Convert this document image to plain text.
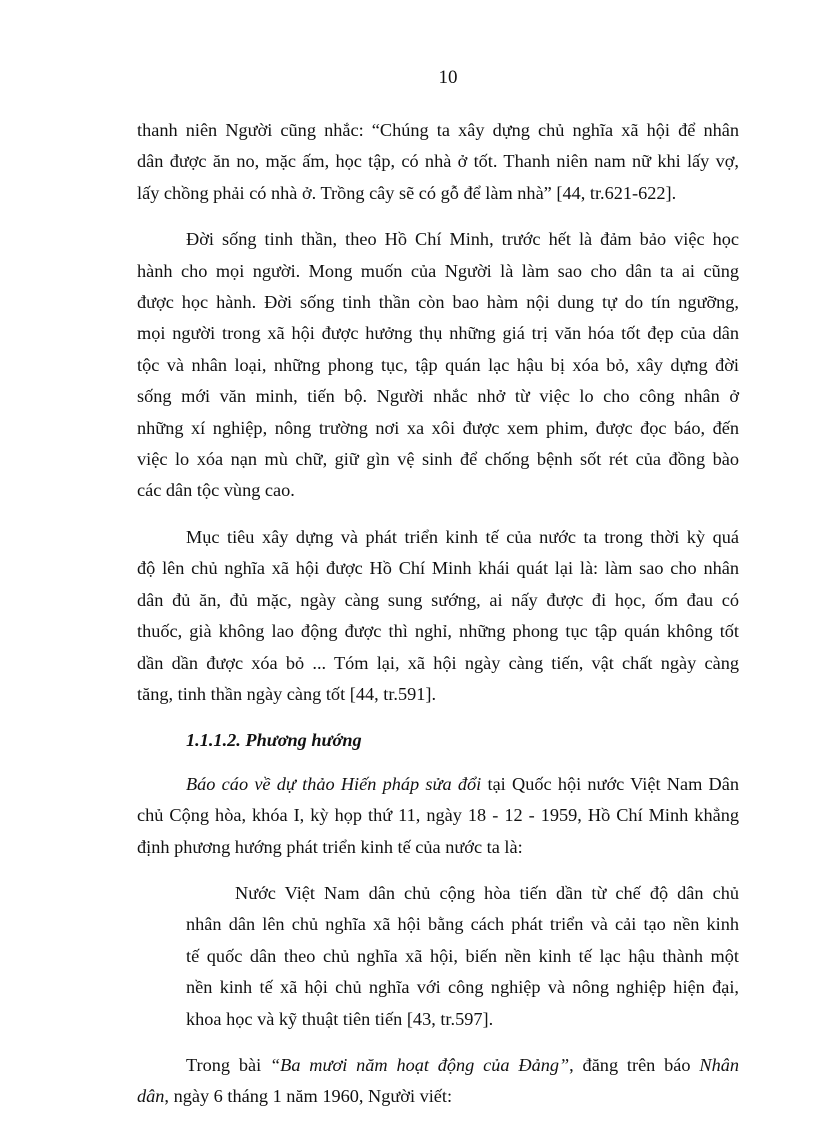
10

thanh niên Người cũng nhắc: “Chúng ta xây dựng chủ nghĩa xã hội để nhân
dân được ăn no, mặc ấm, học tập, có nhà ở tốt. Thanh niên nam nữ khi lấy vợ,
lấy chồng phải có nhà ở. Trồng cây sẽ có gỗ để làm nhà” [44, tr.621-622].

Đời sống tinh thần, theo Hồ Chí Minh, trước hết là đảm bảo việc học
hành cho mọi người. Mong muốn của Người là làm sao cho dân ta ai cũng
được học hành. Đời sống tinh thần còn bao hàm nội dung tự do tín ngưỡng,
mọi người trong xã hội được hưởng thụ những giá trị văn hóa tốt đẹp của dân
tộc và nhân loại, những phong tục, tập quán lạc hậu bị xóa bỏ, xây dựng đời
sống mới văn minh, tiến bộ. Người nhắc nhở từ việc lo cho công nhân ở
những xí nghiệp, nông trường nơi xa xôi được xem phim, được đọc báo, đến
việc lo xóa nạn mù chữ, giữ gìn vệ sinh để chống bệnh sốt rét của đồng bào
các dân tộc vùng cao.

Mục tiêu xây dựng và phát triển kinh tế của nước ta trong thời kỳ quá
độ lên chủ nghĩa xã hội được Hồ Chí Minh khái quát lại là: làm sao cho nhân
dân đủ ăn, đủ mặc, ngày càng sung sướng, ai nấy được đi học, ốm đau có
thuốc, già không lao động được thì nghỉ, những phong tục tập quán không tốt
dần dần được xóa bỏ ... Tóm lại, xã hội ngày càng tiến, vật chất ngày càng
tăng, tinh thần ngày càng tốt [44, tr.591].

1.1.1.2. Phương hướng

Báo cáo về dự thảo Hiến pháp sửa đổi tại Quốc hội nước Việt Nam Dân
chủ Cộng hòa, khóa I, kỳ họp thứ 11, ngày 18 - 12 - 1959, Hồ Chí Minh khẳng
định phương hướng phát triển kinh tế của nước ta là:

Nước Việt Nam dân chủ cộng hòa tiến dần từ chế độ dân chủ
nhân dân lên chủ nghĩa xã hội bằng cách phát triển và cải tạo nền kinh
tế quốc dân theo chủ nghĩa xã hội, biến nền kinh tế lạc hậu thành một
nền kinh tế xã hội chủ nghĩa với công nghiệp và nông nghiệp hiện đại,
khoa học và kỹ thuật tiên tiến [43, tr.597].

Trong bài “Ba mươi năm hoạt động của Đảng”, đăng trên báo Nhân
dân, ngày 6 tháng 1 năm 1960, Người viết:
